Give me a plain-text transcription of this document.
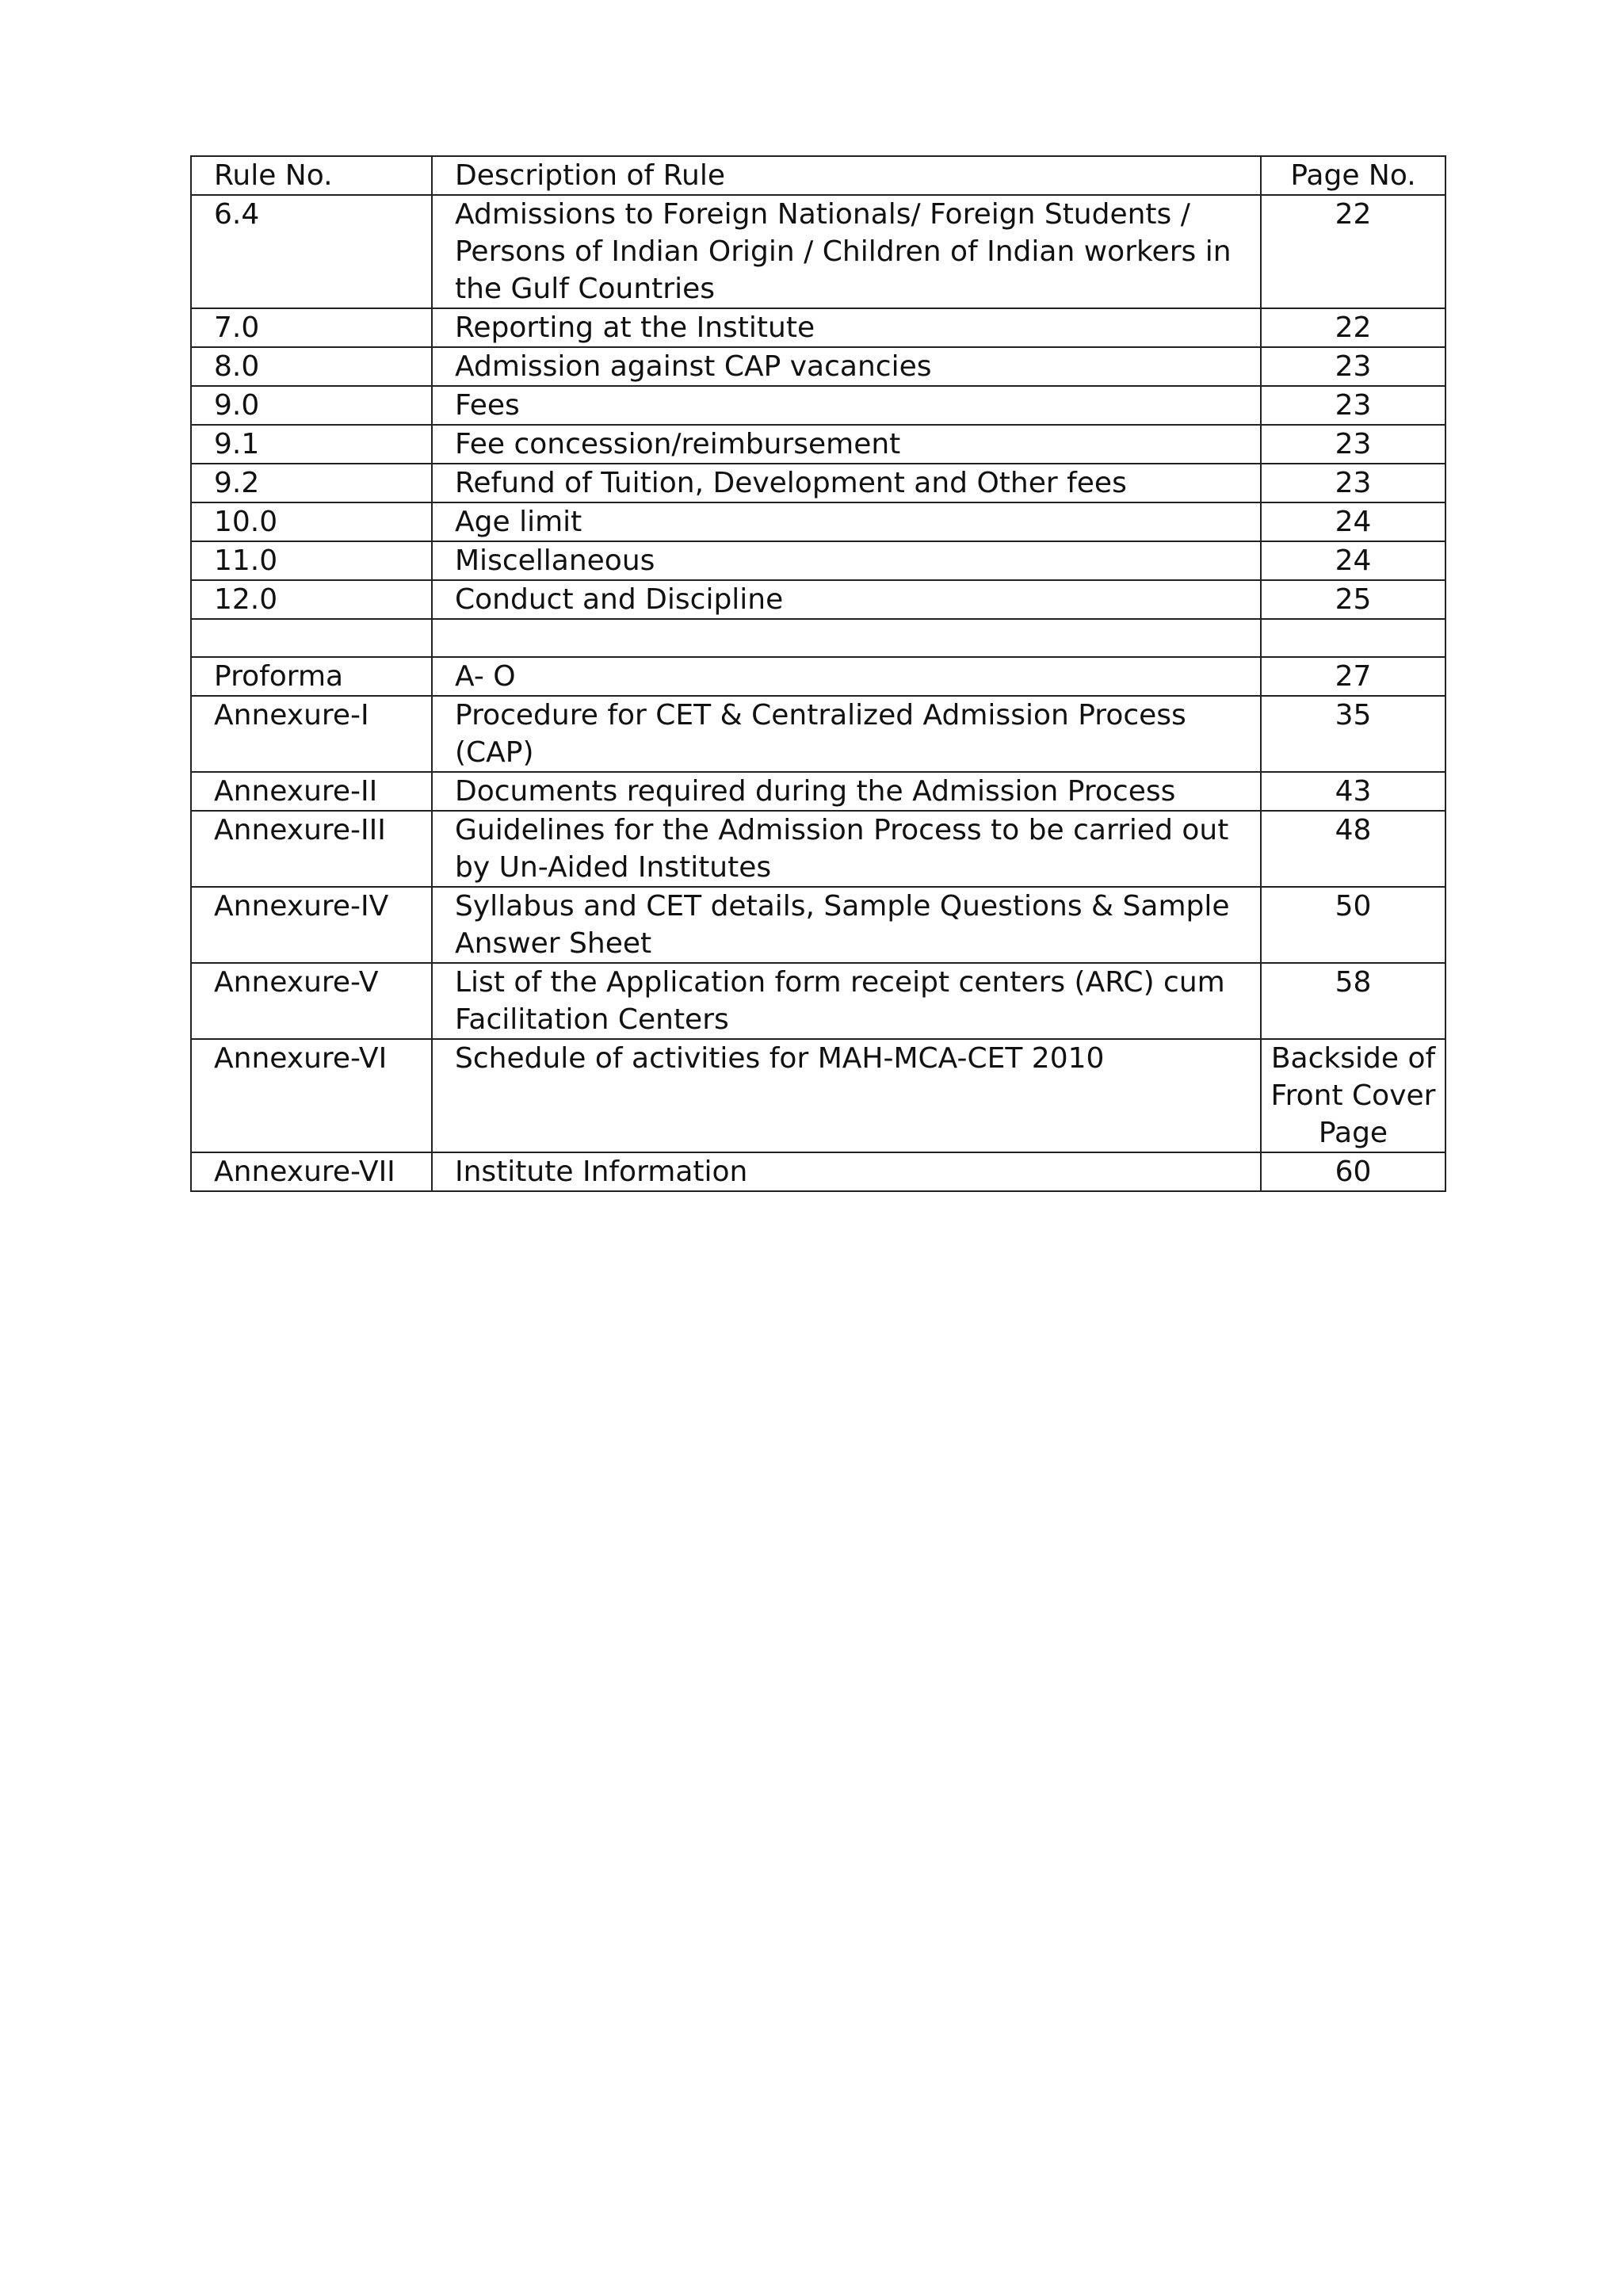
Rule No.	Description of Rule	Page No.
6.4	Admissions to Foreign Nationals/ Foreign Students / Persons of Indian Origin / Children of Indian workers in the Gulf Countries	22
7.0	Reporting at the Institute	22
8.0	Admission against CAP vacancies	23
9.0	Fees	23
9.1	Fee concession/reimbursement	23
9.2	Refund of Tuition, Development and Other fees	23
10.0	Age limit	24
11.0	Miscellaneous	24
12.0	Conduct and Discipline	25

Proforma	A- O	27
Annexure-I	Procedure for CET & Centralized Admission Process (CAP)	35
Annexure-II	Documents required during the Admission Process	43
Annexure-III	Guidelines for the Admission Process to be carried out by Un-Aided Institutes	48
Annexure-IV	Syllabus and CET details, Sample Questions & Sample Answer Sheet	50
Annexure-V	List of the Application form receipt centers (ARC) cum Facilitation Centers	58
Annexure-VI	Schedule of activities for MAH-MCA-CET 2010	Backside of Front Cover Page
Annexure-VII	Institute Information	60
